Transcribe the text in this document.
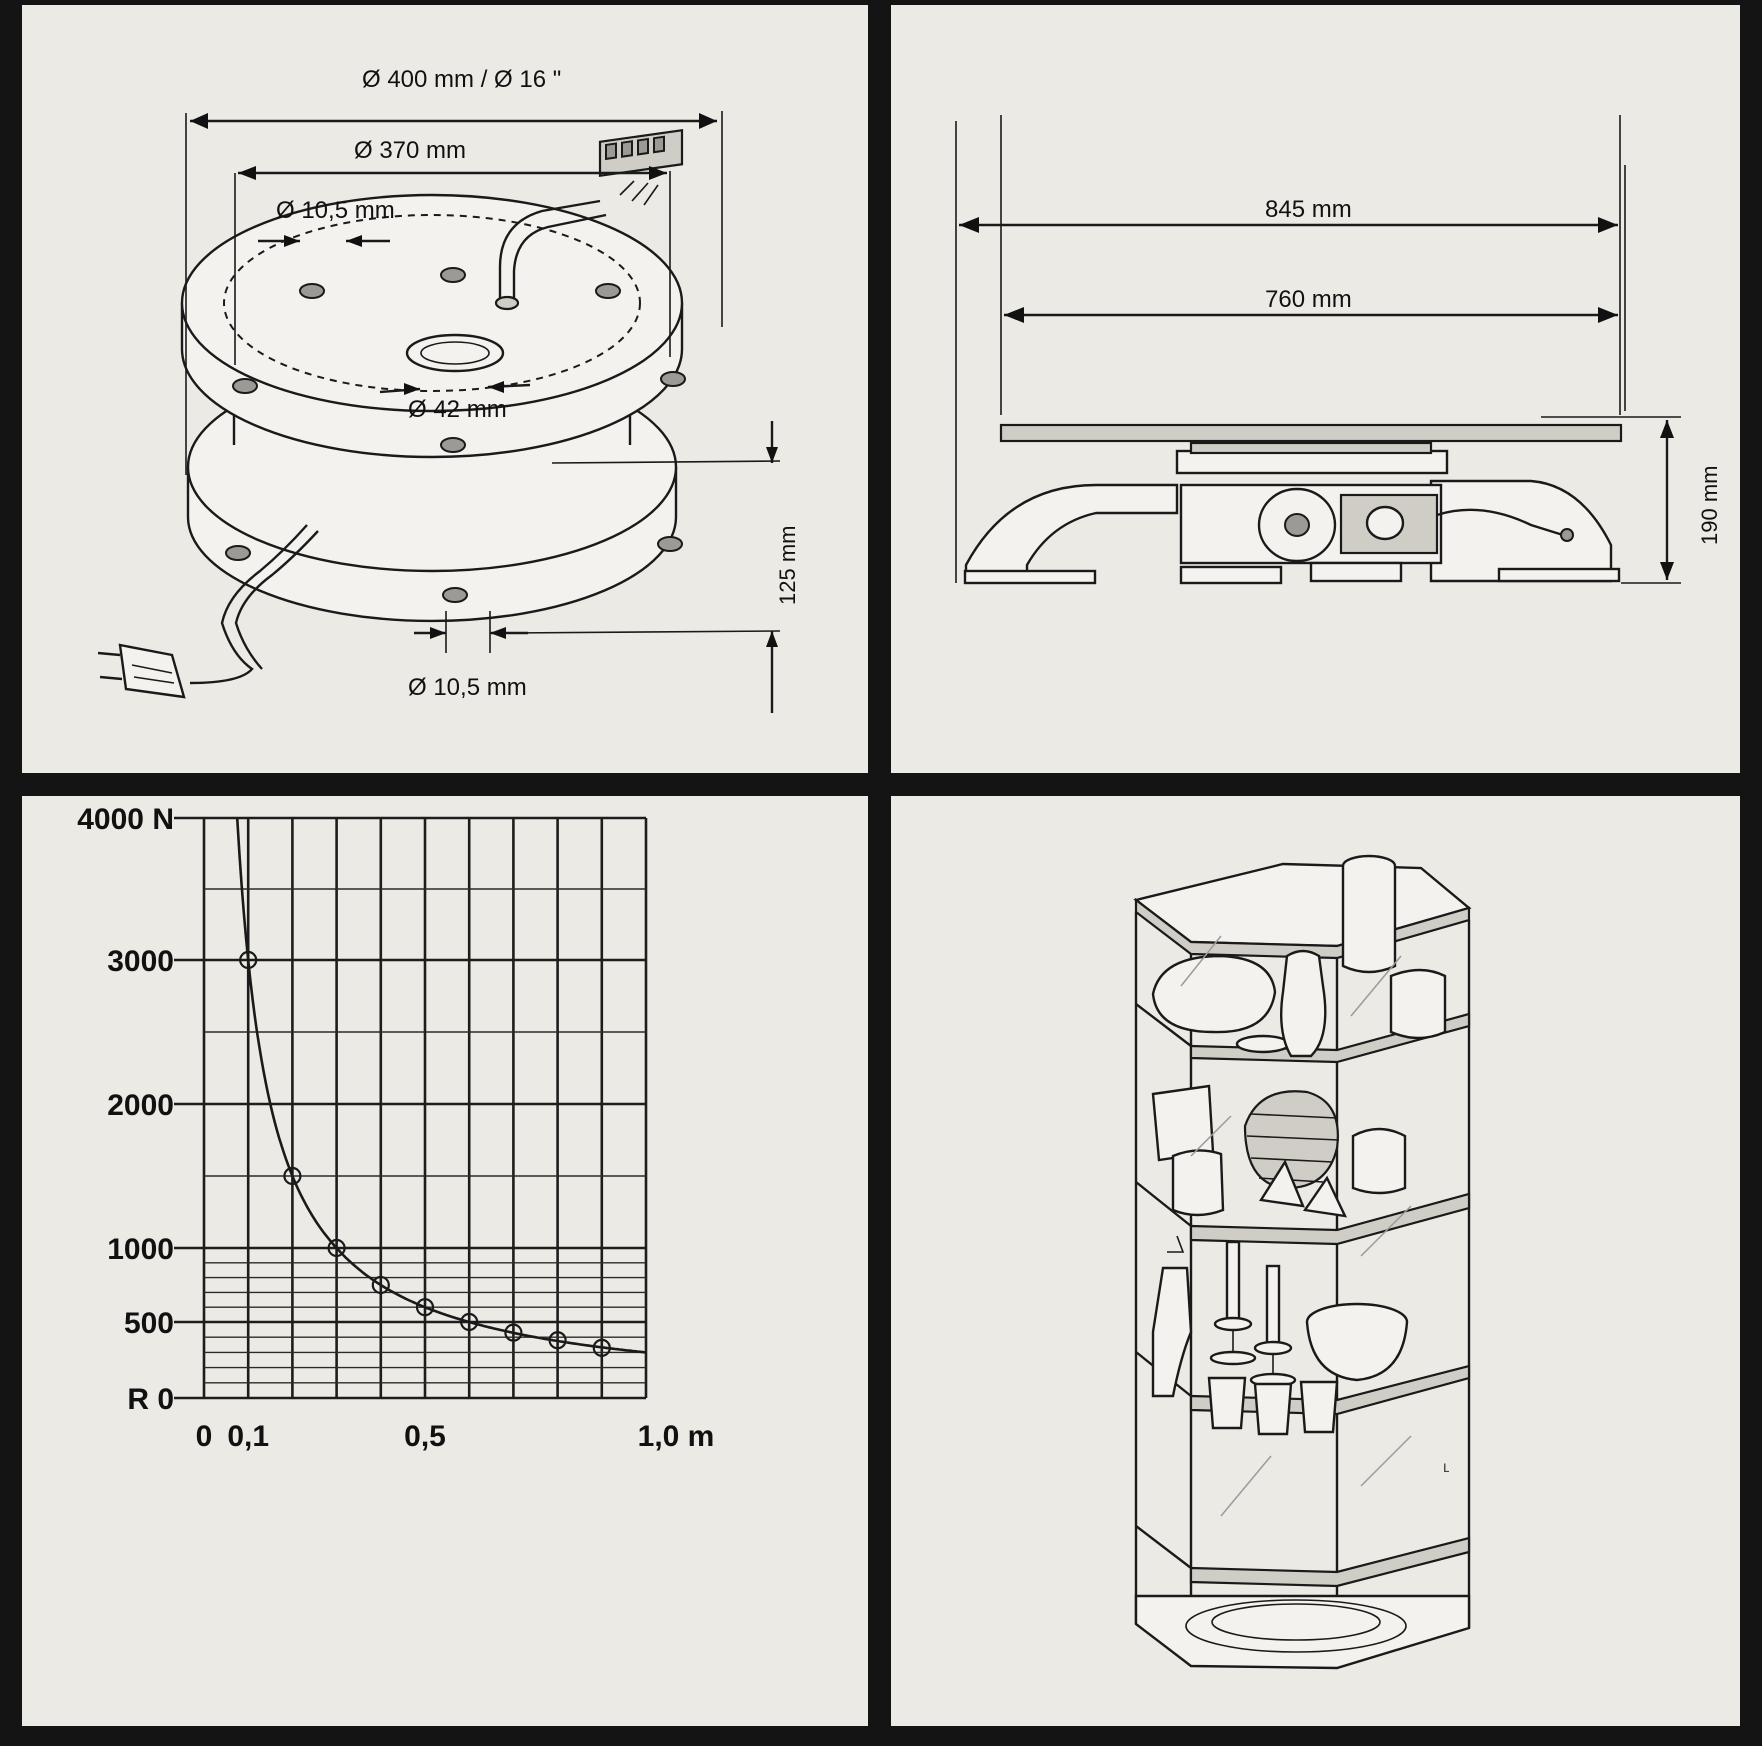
Ø 400 mm / Ø 16 "
Ø 370 mm
Ø 10,5 mm
Ø 42 mm
125 mm
Ø 10,5 mm
845 mm
760 mm
190 mm
4000 N
3000
2000
1000
500
R 0
0 0,1	0,5	1,0 m
ʟ
